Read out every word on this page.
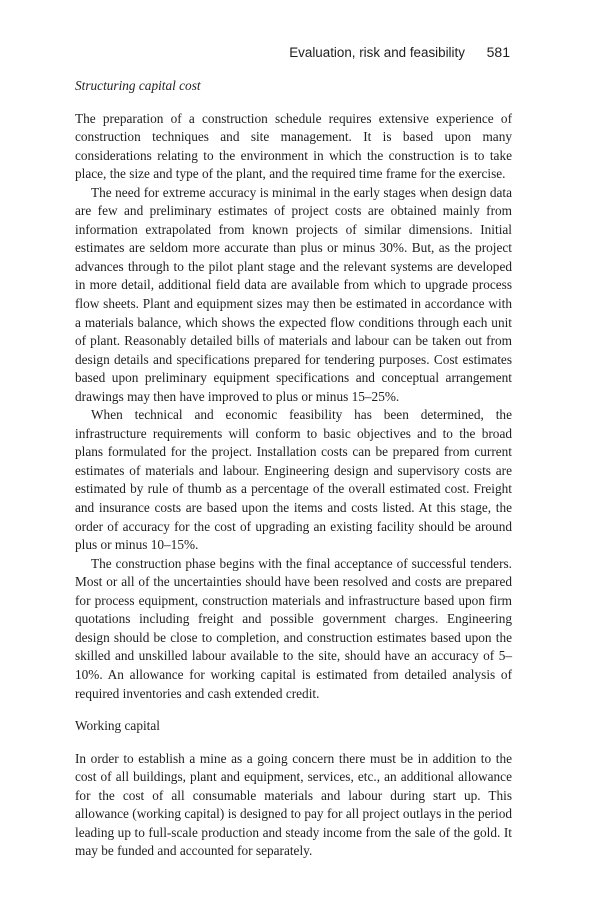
Evaluation, risk and feasibility 581
Structuring capital cost

The preparation of a construction schedule requires extensive experience of construction techniques and site management. It is based upon many considerations relating to the environment in which the construction is to take place, the size and type of the plant, and the required time frame for the exercise.

The need for extreme accuracy is minimal in the early stages when design data are few and preliminary estimates of project costs are obtained mainly from information extrapolated from known projects of similar dimensions. Initial estimates are seldom more accurate than plus or minus 30%. But, as the project advances through to the pilot plant stage and the relevant systems are developed in more detail, additional field data are available from which to upgrade process flow sheets. Plant and equipment sizes may then be estimated in accordance with a materials balance, which shows the expected flow conditions through each unit of plant. Reasonably detailed bills of materials and labour can be taken out from design details and specifications prepared for tendering purposes. Cost estimates based upon preliminary equipment specifications and conceptual arrangement drawings may then have improved to plus or minus 15–25%.

When technical and economic feasibility has been determined, the infrastructure requirements will conform to basic objectives and to the broad plans formulated for the project. Installation costs can be prepared from current estimates of materials and labour. Engineering design and supervisory costs are estimated by rule of thumb as a percentage of the overall estimated cost. Freight and insurance costs are based upon the items and costs listed. At this stage, the order of accuracy for the cost of upgrading an existing facility should be around plus or minus 10–15%.

The construction phase begins with the final acceptance of successful tenders. Most or all of the uncertainties should have been resolved and costs are prepared for process equipment, construction materials and infrastructure based upon firm quotations including freight and possible government charges. Engineering design should be close to completion, and construction estimates based upon the skilled and unskilled labour available to the site, should have an accuracy of 5–10%. An allowance for working capital is estimated from detailed analysis of required inventories and cash extended credit.

Working capital

In order to establish a mine as a going concern there must be in addition to the cost of all buildings, plant and equipment, services, etc., an additional allowance for the cost of all consumable materials and labour during start up. This allowance (working capital) is designed to pay for all project outlays in the period leading up to full-scale production and steady income from the sale of the gold. It may be funded and accounted for separately.
